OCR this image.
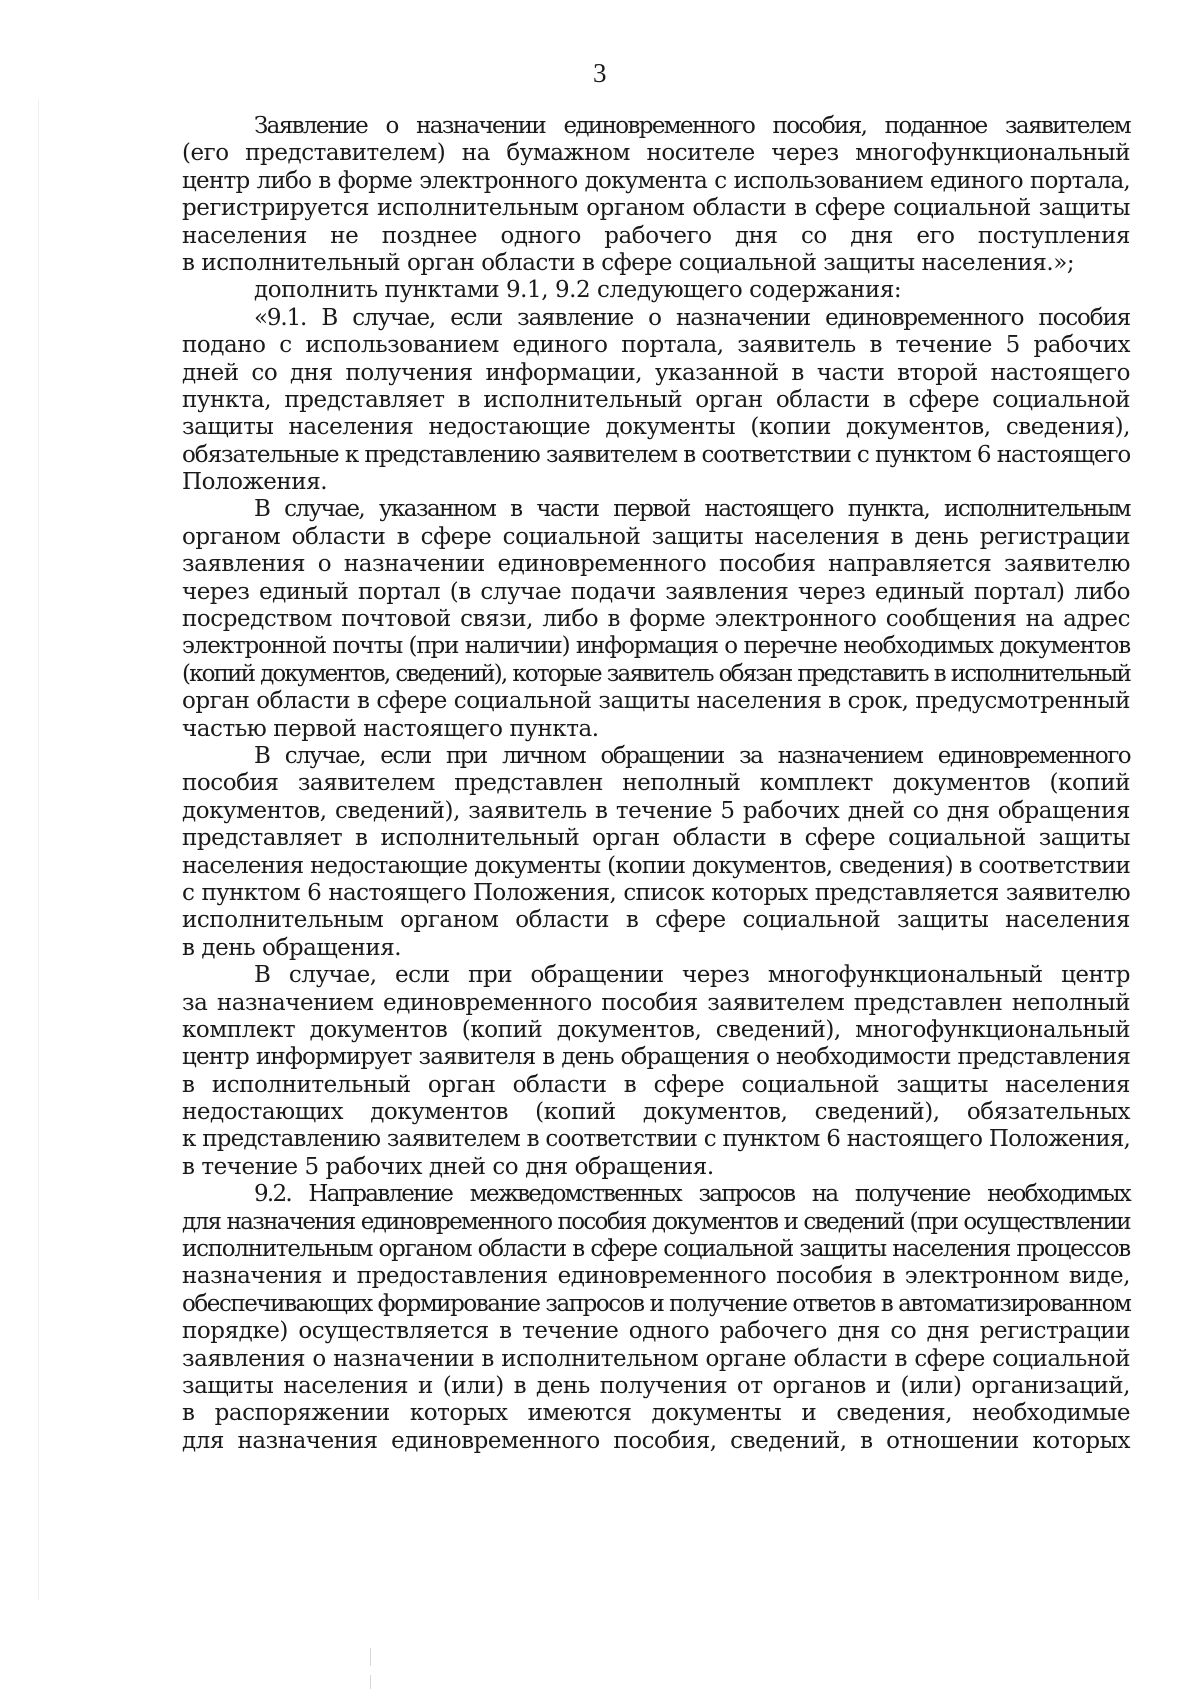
3
Заявление о назначении единовременного пособия, поданное заявителем
(его представителем) на бумажном носителе через многофункциональный
центр либо в форме электронного документа с использованием единого портала,
регистрируется исполнительным органом области в сфере социальной защиты
населения не позднее одного рабочего дня со дня его поступления
в исполнительный орган области в сфере социальной защиты населения.»;
дополнить пунктами 9.1, 9.2 следующего содержания:
«9.1. В случае, если заявление о назначении единовременного пособия
подано с использованием единого портала, заявитель в течение 5 рабочих
дней со дня получения информации, указанной в части второй настоящего
пункта, представляет в исполнительный орган области в сфере социальной
защиты населения недостающие документы (копии документов, сведения),
обязательные к представлению заявителем в соответствии с пунктом 6 настоящего
Положения.
В случае, указанном в части первой настоящего пункта, исполнительным
органом области в сфере социальной защиты населения в день регистрации
заявления о назначении единовременного пособия направляется заявителю
через единый портал (в случае подачи заявления через единый портал) либо
посредством почтовой связи, либо в форме электронного сообщения на адрес
электронной почты (при наличии) информация о перечне необходимых документов
(копий документов, сведений), которые заявитель обязан представить в исполнительный
орган области в сфере социальной защиты населения в срок, предусмотренный
частью первой настоящего пункта.
В случае, если при личном обращении за назначением единовременного
пособия заявителем представлен неполный комплект документов (копий
документов, сведений), заявитель в течение 5 рабочих дней со дня обращения
представляет в исполнительный орган области в сфере социальной защиты
населения недостающие документы (копии документов, сведения) в соответствии
с пунктом 6 настоящего Положения, список которых представляется заявителю
исполнительным органом области в сфере социальной защиты населения
в день обращения.
В случае, если при обращении через многофункциональный центр
за назначением единовременного пособия заявителем представлен неполный
комплект документов (копий документов, сведений), многофункциональный
центр информирует заявителя в день обращения о необходимости представления
в исполнительный орган области в сфере социальной защиты населения
недостающих документов (копий документов, сведений), обязательных
к представлению заявителем в соответствии с пунктом 6 настоящего Положения,
в течение 5 рабочих дней со дня обращения.
9.2. Направление межведомственных запросов на получение необходимых
для назначения единовременного пособия документов и сведений (при осуществлении
исполнительным органом области в сфере социальной защиты населения процессов
назначения и предоставления единовременного пособия в электронном виде,
обеспечивающих формирование запросов и получение ответов в автоматизированном
порядке) осуществляется в течение одного рабочего дня со дня регистрации
заявления о назначении в исполнительном органе области в сфере социальной
защиты населения и (или) в день получения от органов и (или) организаций,
в распоряжении которых имеются документы и сведения, необходимые
для назначения единовременного пособия, сведений, в отношении которых
